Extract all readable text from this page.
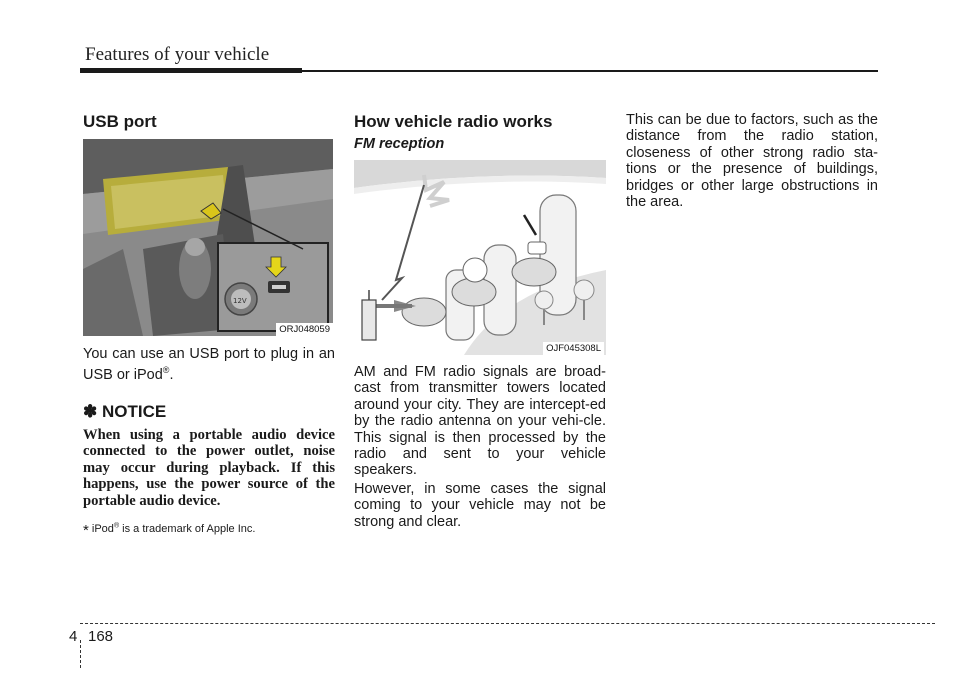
Features of your vehicle
USB port
12V
ORJ048059
You can use an USB port to plug in an USB or iPod®.
✽ NOTICE
When using a portable audio device connected to the power outlet, noise may occur during playback. If this happens, use the power source of the portable audio device.
* iPod® is a trademark of Apple Inc.
How vehicle radio works
FM reception
OJF045308L
AM and FM radio signals are broad-cast from transmitter towers located around your city. They are intercept-ed by the radio antenna on your vehi-cle. This signal is then processed by the radio and sent to your vehicle speakers.
However, in some cases the signal coming to your vehicle may not be strong and clear.
This can be due to factors, such as the distance from the radio station, closeness of other strong radio sta-tions or the presence of buildings, bridges or other large obstructions in the area.
4 168
